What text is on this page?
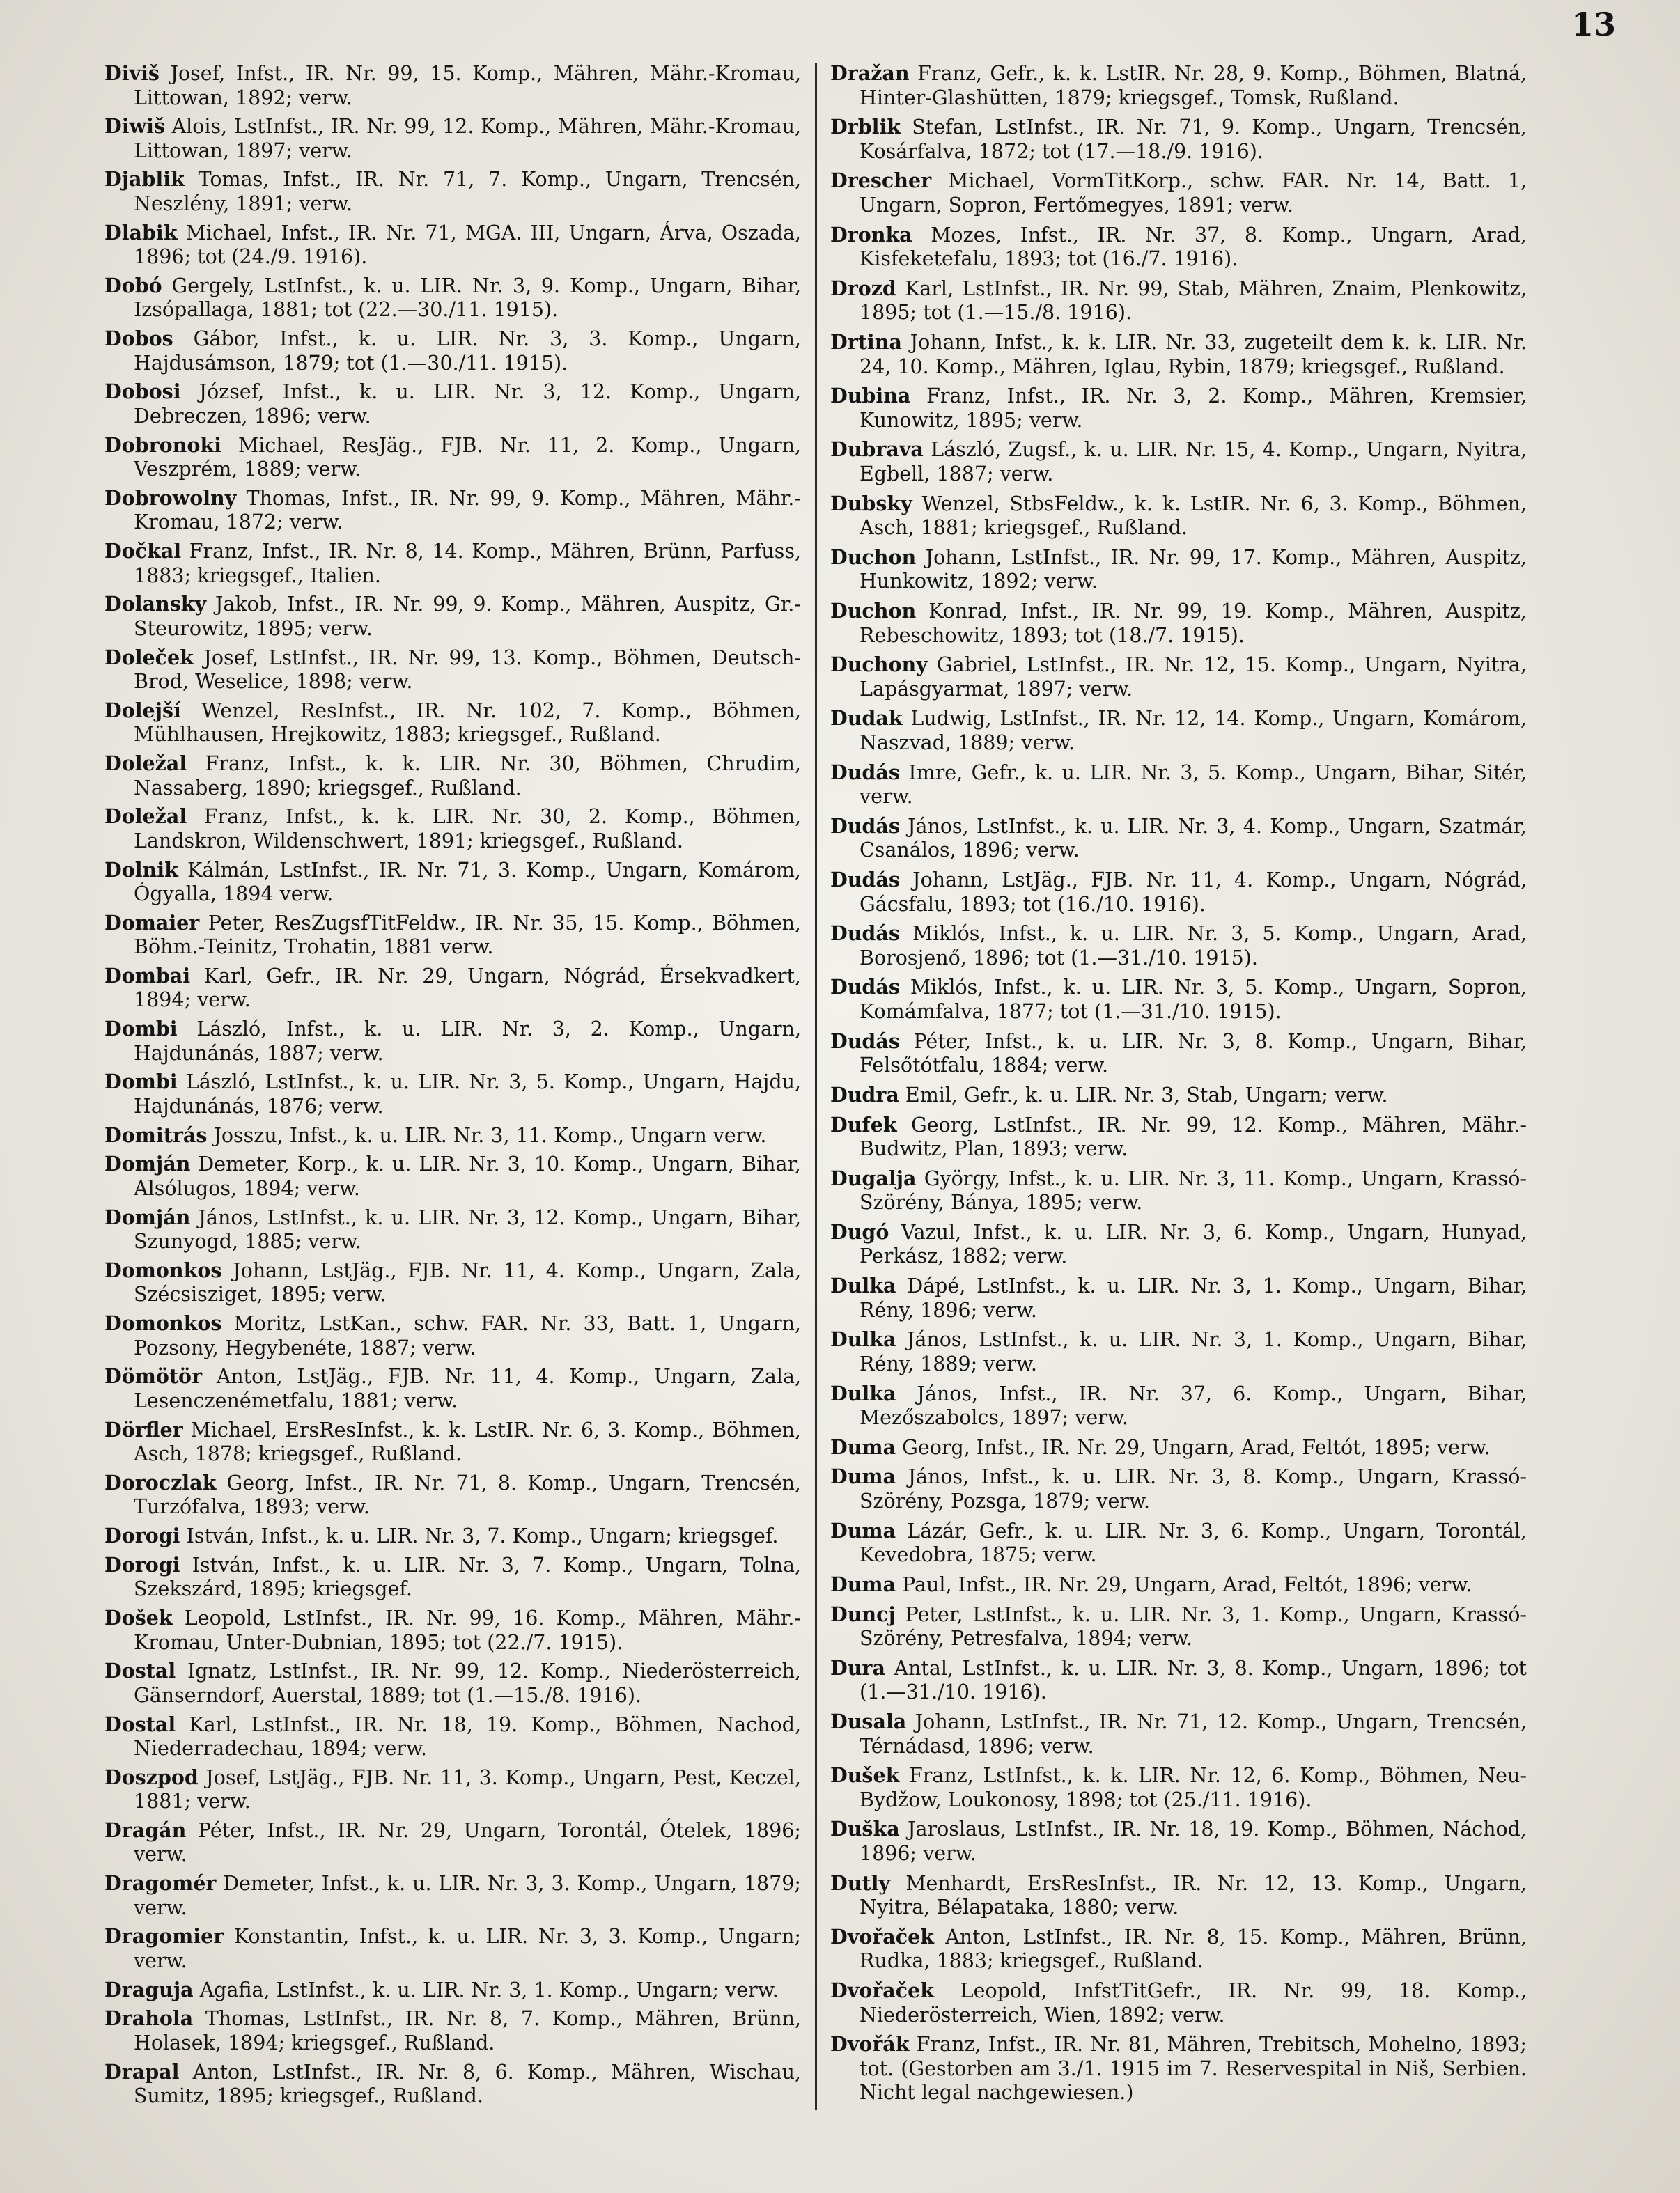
13

Diviš Josef, Infst., IR. Nr. 99, 15. Komp., Mähren, Mähr.-Kromau, Littowan, 1892; verw.

Diwiš Alois, LstInfst., IR. Nr. 99, 12. Komp., Mähren, Mähr.-Kromau, Littowan, 1897; verw.

Djablik Tomas, Infst., IR. Nr. 71, 7. Komp., Ungarn, Trencsén, Neszlény, 1891; verw.

Dlabik Michael, Infst., IR. Nr. 71, MGA. III, Ungarn, Árva, Oszada, 1896; tot (24./9. 1916).

Dobó Gergely, LstInfst., k. u. LIR. Nr. 3, 9. Komp., Ungarn, Bihar, Izsópallaga, 1881; tot (22.—30./11. 1915).

Dobos Gábor, Infst., k. u. LIR. Nr. 3, 3. Komp., Ungarn, Hajdusámson, 1879; tot (1.—30./11. 1915).

Dobosi József, Infst., k. u. LIR. Nr. 3, 12. Komp., Ungarn, Debreczen, 1896; verw.

Dobronoki Michael, ResJäg., FJB. Nr. 11, 2. Komp., Ungarn, Veszprém, 1889; verw.

Dobrowolny Thomas, Infst., IR. Nr. 99, 9. Komp., Mähren, Mähr.-Kromau, 1872; verw.

Dočkal Franz, Infst., IR. Nr. 8, 14. Komp., Mähren, Brünn, Parfuss, 1883; kriegsgef., Italien.

Dolansky Jakob, Infst., IR. Nr. 99, 9. Komp., Mähren, Auspitz, Gr.-Steurowitz, 1895; verw.

Doleček Josef, LstInfst., IR. Nr. 99, 13. Komp., Böhmen, Deutsch-Brod, Weselice, 1898; verw.

Dolejší Wenzel, ResInfst., IR. Nr. 102, 7. Komp., Böhmen, Mühlhausen, Hrejkowitz, 1883; kriegsgef., Rußland.

Doležal Franz, Infst., k. k. LIR. Nr. 30, Böhmen, Chrudim, Nassaberg, 1890; kriegsgef., Rußland.

Doležal Franz, Infst., k. k. LIR. Nr. 30, 2. Komp., Böhmen, Landskron, Wildenschwert, 1891; kriegsgef., Rußland.

Dolnik Kálmán, LstInfst., IR. Nr. 71, 3. Komp., Ungarn, Komárom, Ógyalla, 1894 verw.

Domaier Peter, ResZugsfTitFeldw., IR. Nr. 35, 15. Komp., Böhmen, Böhm.-Teinitz, Trohatin, 1881 verw.

Dombai Karl, Gefr., IR. Nr. 29, Ungarn, Nógrád, Érsekvadkert, 1894; verw.

Dombi László, Infst., k. u. LIR. Nr. 3, 2. Komp., Ungarn, Hajdunánás, 1887; verw.

Dombi László, LstInfst., k. u. LIR. Nr. 3, 5. Komp., Ungarn, Hajdu, Hajdunánás, 1876; verw.

Domitrás Josszu, Infst., k. u. LIR. Nr. 3, 11. Komp., Ungarn verw.

Domján Demeter, Korp., k. u. LIR. Nr. 3, 10. Komp., Ungarn, Bihar, Alsólugos, 1894; verw.

Domján János, LstInfst., k. u. LIR. Nr. 3, 12. Komp., Ungarn, Bihar, Szunyogd, 1885; verw.

Domonkos Johann, LstJäg., FJB. Nr. 11, 4. Komp., Ungarn, Zala, Szécsisziget, 1895; verw.

Domonkos Moritz, LstKan., schw. FAR. Nr. 33, Batt. 1, Ungarn, Pozsony, Hegybenéte, 1887; verw.

Dömötör Anton, LstJäg., FJB. Nr. 11, 4. Komp., Ungarn, Zala, Lesenczenémetfalu, 1881; verw.

Dörfler Michael, ErsResInfst., k. k. LstIR. Nr. 6, 3. Komp., Böhmen, Asch, 1878; kriegsgef., Rußland.

Doroczlak Georg, Infst., IR. Nr. 71, 8. Komp., Ungarn, Trencsén, Turzófalva, 1893; verw.

Dorogi István, Infst., k. u. LIR. Nr. 3, 7. Komp., Ungarn; kriegsgef.

Dorogi István, Infst., k. u. LIR. Nr. 3, 7. Komp., Ungarn, Tolna, Szekszárd, 1895; kriegsgef.

Došek Leopold, LstInfst., IR. Nr. 99, 16. Komp., Mähren, Mähr.-Kromau, Unter-Dubnian, 1895; tot (22./7. 1915).

Dostal Ignatz, LstInfst., IR. Nr. 99, 12. Komp., Niederösterreich, Gänserndorf, Auerstal, 1889; tot (1.—15./8. 1916).

Dostal Karl, LstInfst., IR. Nr. 18, 19. Komp., Böhmen, Nachod, Niederradechau, 1894; verw.

Doszpod Josef, LstJäg., FJB. Nr. 11, 3. Komp., Ungarn, Pest, Keczel, 1881; verw.

Dragán Péter, Infst., IR. Nr. 29, Ungarn, Torontál, Ótelek, 1896; verw.

Dragomér Demeter, Infst., k. u. LIR. Nr. 3, 3. Komp., Ungarn, 1879; verw.

Dragomier Konstantin, Infst., k. u. LIR. Nr. 3, 3. Komp., Ungarn; verw.

Draguja Agafia, LstInfst., k. u. LIR. Nr. 3, 1. Komp., Ungarn; verw.

Drahola Thomas, LstInfst., IR. Nr. 8, 7. Komp., Mähren, Brünn, Holasek, 1894; kriegsgef., Rußland.

Drapal Anton, LstInfst., IR. Nr. 8, 6. Komp., Mähren, Wischau, Sumitz, 1895; kriegsgef., Rußland.

Dražan Franz, Gefr., k. k. LstIR. Nr. 28, 9. Komp., Böhmen, Blatná, Hinter-Glashütten, 1879; kriegsgef., Tomsk, Rußland.

Drblik Stefan, LstInfst., IR. Nr. 71, 9. Komp., Ungarn, Trencsén, Kosárfalva, 1872; tot (17.—18./9. 1916).

Drescher Michael, VormTitKorp., schw. FAR. Nr. 14, Batt. 1, Ungarn, Sopron, Fertőmegyes, 1891; verw.

Dronka Mozes, Infst., IR. Nr. 37, 8. Komp., Ungarn, Arad, Kisfeketefalu, 1893; tot (16./7. 1916).

Drozd Karl, LstInfst., IR. Nr. 99, Stab, Mähren, Znaim, Plenkowitz, 1895; tot (1.—15./8. 1916).

Drtina Johann, Infst., k. k. LIR. Nr. 33, zugeteilt dem k. k. LIR. Nr. 24, 10. Komp., Mähren, Iglau, Rybin, 1879; kriegsgef., Rußland.

Dubina Franz, Infst., IR. Nr. 3, 2. Komp., Mähren, Kremsier, Kunowitz, 1895; verw.

Dubrava László, Zugsf., k. u. LIR. Nr. 15, 4. Komp., Ungarn, Nyitra, Egbell, 1887; verw.

Dubsky Wenzel, StbsFeldw., k. k. LstIR. Nr. 6, 3. Komp., Böhmen, Asch, 1881; kriegsgef., Rußland.

Duchon Johann, LstInfst., IR. Nr. 99, 17. Komp., Mähren, Auspitz, Hunkowitz, 1892; verw.

Duchon Konrad, Infst., IR. Nr. 99, 19. Komp., Mähren, Auspitz, Rebeschowitz, 1893; tot (18./7. 1915).

Duchony Gabriel, LstInfst., IR. Nr. 12, 15. Komp., Ungarn, Nyitra, Lapásgyarmat, 1897; verw.

Dudak Ludwig, LstInfst., IR. Nr. 12, 14. Komp., Ungarn, Komárom, Naszvad, 1889; verw.

Dudás Imre, Gefr., k. u. LIR. Nr. 3, 5. Komp., Ungarn, Bihar, Sitér, verw.

Dudás János, LstInfst., k. u. LIR. Nr. 3, 4. Komp., Ungarn, Szatmár, Csanálos, 1896; verw.

Dudás Johann, LstJäg., FJB. Nr. 11, 4. Komp., Ungarn, Nógrád, Gácsfalu, 1893; tot (16./10. 1916).

Dudás Miklós, Infst., k. u. LIR. Nr. 3, 5. Komp., Ungarn, Arad, Borosjenő, 1896; tot (1.—31./10. 1915).

Dudás Miklós, Infst., k. u. LIR. Nr. 3, 5. Komp., Ungarn, Sopron, Komámfalva, 1877; tot (1.—31./10. 1915).

Dudás Péter, Infst., k. u. LIR. Nr. 3, 8. Komp., Ungarn, Bihar, Felsőtótfalu, 1884; verw.

Dudra Emil, Gefr., k. u. LIR. Nr. 3, Stab, Ungarn; verw.

Dufek Georg, LstInfst., IR. Nr. 99, 12. Komp., Mähren, Mähr.-Budwitz, Plan, 1893; verw.

Dugalja György, Infst., k. u. LIR. Nr. 3, 11. Komp., Ungarn, Krassó-Szörény, Bánya, 1895; verw.

Dugó Vazul, Infst., k. u. LIR. Nr. 3, 6. Komp., Ungarn, Hunyad, Perkász, 1882; verw.

Dulka Dápé, LstInfst., k. u. LIR. Nr. 3, 1. Komp., Ungarn, Bihar, Rény, 1896; verw.

Dulka János, LstInfst., k. u. LIR. Nr. 3, 1. Komp., Ungarn, Bihar, Rény, 1889; verw.

Dulka János, Infst., IR. Nr. 37, 6. Komp., Ungarn, Bihar, Mezőszabolcs, 1897; verw.

Duma Georg, Infst., IR. Nr. 29, Ungarn, Arad, Feltót, 1895; verw.

Duma János, Infst., k. u. LIR. Nr. 3, 8. Komp., Ungarn, Krassó-Szörény, Pozsga, 1879; verw.

Duma Lázár, Gefr., k. u. LIR. Nr. 3, 6. Komp., Ungarn, Torontál, Kevedobra, 1875; verw.

Duma Paul, Infst., IR. Nr. 29, Ungarn, Arad, Feltót, 1896; verw.

Duncj Peter, LstInfst., k. u. LIR. Nr. 3, 1. Komp., Ungarn, Krassó-Szörény, Petresfalva, 1894; verw.

Dura Antal, LstInfst., k. u. LIR. Nr. 3, 8. Komp., Ungarn, 1896; tot (1.—31./10. 1916).

Dusala Johann, LstInfst., IR. Nr. 71, 12. Komp., Ungarn, Trencsén, Térnádasd, 1896; verw.

Dušek Franz, LstInfst., k. k. LIR. Nr. 12, 6. Komp., Böhmen, Neu-Bydžow, Loukonosy, 1898; tot (25./11. 1916).

Duška Jaroslaus, LstInfst., IR. Nr. 18, 19. Komp., Böhmen, Náchod, 1896; verw.

Dutly Menhardt, ErsResInfst., IR. Nr. 12, 13. Komp., Ungarn, Nyitra, Bélapataka, 1880; verw.

Dvořaček Anton, LstInfst., IR. Nr. 8, 15. Komp., Mähren, Brünn, Rudka, 1883; kriegsgef., Rußland.

Dvořaček Leopold, InfstTitGefr., IR. Nr. 99, 18. Komp., Niederösterreich, Wien, 1892; verw.

Dvořák Franz, Infst., IR. Nr. 81, Mähren, Trebitsch, Mohelno, 1893; tot. (Gestorben am 3./1. 1915 im 7. Reservespital in Niš, Serbien. Nicht legal nachgewiesen.)
